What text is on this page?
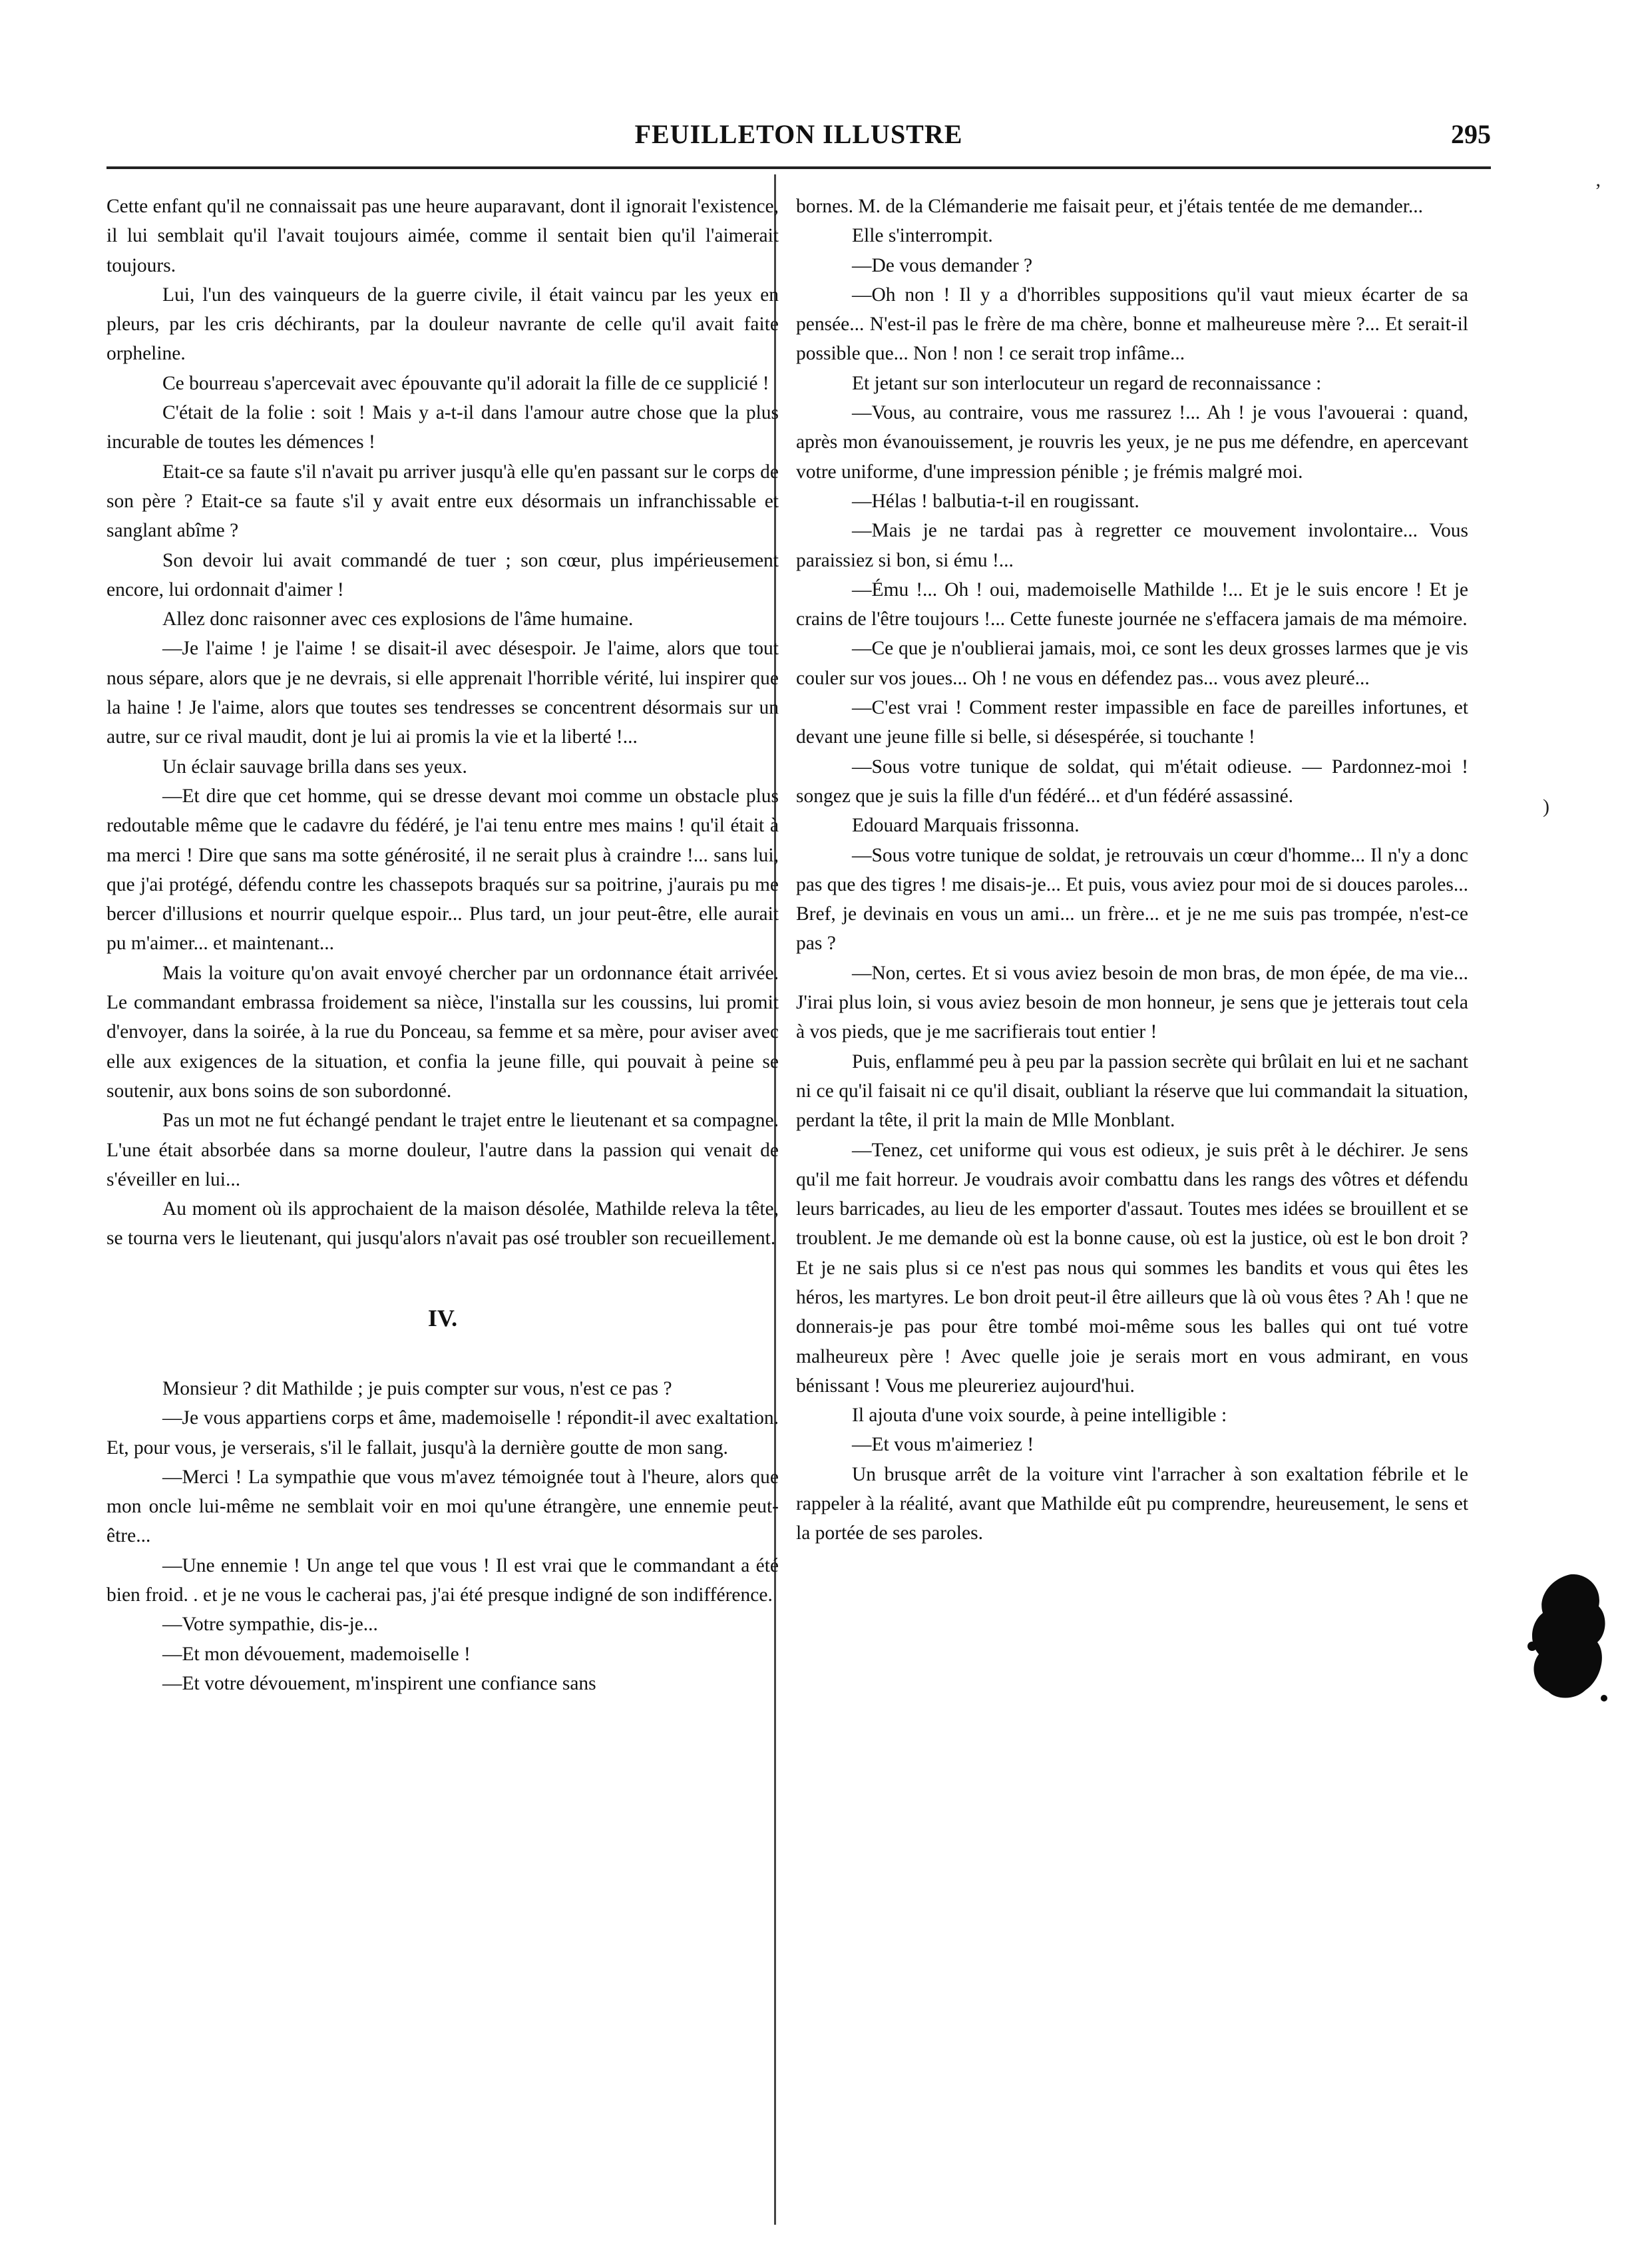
FEUILLETON ILLUSTRE	295

Cette enfant qu'il ne connaissait pas une heure auparavant, dont il ignorait l'existence, il lui semblait qu'il l'avait toujours aimée, comme il sentait bien qu'il l'aimerait toujours.

Lui, l'un des vainqueurs de la guerre civile, il était vaincu par les yeux en pleurs, par les cris déchirants, par la douleur navrante de celle qu'il avait faite orpheline.

Ce bourreau s'apercevait avec épouvante qu'il adorait la fille de ce supplicié !

C'était de la folie : soit ! Mais y a-t-il dans l'amour autre chose que la plus incurable de toutes les démences !

Etait-ce sa faute s'il n'avait pu arriver jusqu'à elle qu'en passant sur le corps de son père ? Etait-ce sa faute s'il y avait entre eux désormais un infranchissable et sanglant abîme ?

Son devoir lui avait commandé de tuer ; son cœur, plus impérieusement encore, lui ordonnait d'aimer !

Allez donc raisonner avec ces explosions de l'âme humaine.

—Je l'aime ! je l'aime ! se disait-il avec désespoir. Je l'aime, alors que tout nous sépare, alors que je ne devrais, si elle apprenait l'horrible vérité, lui inspirer que la haine ! Je l'aime, alors que toutes ses tendresses se concentrent désormais sur un autre, sur ce rival maudit, dont je lui ai promis la vie et la liberté !...

Un éclair sauvage brilla dans ses yeux.

—Et dire que cet homme, qui se dresse devant moi comme un obstacle plus redoutable même que le cadavre du fédéré, je l'ai tenu entre mes mains ! qu'il était à ma merci ! Dire que sans ma sotte générosité, il ne serait plus à craindre !... sans lui, que j'ai protégé, défendu contre les chassepots braqués sur sa poitrine, j'aurais pu me bercer d'illusions et nourrir quelque espoir... Plus tard, un jour peut-être, elle aurait pu m'aimer... et maintenant...

Mais la voiture qu'on avait envoyé chercher par un ordonnance était arrivée. Le commandant embrassa froidement sa nièce, l'installa sur les coussins, lui promit d'envoyer, dans la soirée, à la rue du Ponceau, sa femme et sa mère, pour aviser avec elle aux exigences de la situation, et confia la jeune fille, qui pouvait à peine se soutenir, aux bons soins de son subordonné.

Pas un mot ne fut échangé pendant le trajet entre le lieutenant et sa compagne. L'une était absorbée dans sa morne douleur, l'autre dans la passion qui venait de s'éveiller en lui...

Au moment où ils approchaient de la maison désolée, Mathilde releva la tête, se tourna vers le lieutenant, qui jusqu'alors n'avait pas osé troubler son recueillement.

IV.

Monsieur ? dit Mathilde ; je puis compter sur vous, n'est ce pas ?

—Je vous appartiens corps et âme, mademoiselle ! répondit-il avec exaltation. Et, pour vous, je verserais, s'il le fallait, jusqu'à la dernière goutte de mon sang.

—Merci ! La sympathie que vous m'avez témoignée tout à l'heure, alors que mon oncle lui-même ne semblait voir en moi qu'une étrangère, une ennemie peut-être...

—Une ennemie ! Un ange tel que vous ! Il est vrai que le commandant a été bien froid. . et je ne vous le cacherai pas, j'ai été presque indigné de son indifférence.

—Votre sympathie, dis-je...

—Et mon dévouement, mademoiselle !

—Et votre dévouement, m'inspirent une confiance sans

bornes. M. de la Clémanderie me faisait peur, et j'étais tentée de me demander...

Elle s'interrompit.

—De vous demander ?

—Oh non ! Il y a d'horribles suppositions qu'il vaut mieux écarter de sa pensée... N'est-il pas le frère de ma chère, bonne et malheureuse mère ?... Et serait-il possible que... Non ! non ! ce serait trop infâme...

Et jetant sur son interlocuteur un regard de reconnaissance :

—Vous, au contraire, vous me rassurez !... Ah ! je vous l'avouerai : quand, après mon évanouissement, je rouvris les yeux, je ne pus me défendre, en apercevant votre uniforme, d'une impression pénible ; je frémis malgré moi.

—Hélas ! balbutia-t-il en rougissant.

—Mais je ne tardai pas à regretter ce mouvement involontaire... Vous paraissiez si bon, si ému !...

—Ému !... Oh ! oui, mademoiselle Mathilde !... Et je le suis encore ! Et je crains de l'être toujours !... Cette funeste journée ne s'effacera jamais de ma mémoire.

—Ce que je n'oublierai jamais, moi, ce sont les deux grosses larmes que je vis couler sur vos joues... Oh ! ne vous en défendez pas... vous avez pleuré...

—C'est vrai ! Comment rester impassible en face de pareilles infortunes, et devant une jeune fille si belle, si désespérée, si touchante !

—Sous votre tunique de soldat, qui m'était odieuse. — Pardonnez-moi ! songez que je suis la fille d'un fédéré... et d'un fédéré assassiné.

Edouard Marquais frissonna.

—Sous votre tunique de soldat, je retrouvais un cœur d'homme... Il n'y a donc pas que des tigres ! me disais-je... Et puis, vous aviez pour moi de si douces paroles... Bref, je devinais en vous un ami... un frère... et je ne me suis pas trompée, n'est-ce pas ?

—Non, certes. Et si vous aviez besoin de mon bras, de mon épée, de ma vie... J'irai plus loin, si vous aviez besoin de mon honneur, je sens que je jetterais tout cela à vos pieds, que je me sacrifierais tout entier !

Puis, enflammé peu à peu par la passion secrète qui brûlait en lui et ne sachant ni ce qu'il faisait ni ce qu'il disait, oubliant la réserve que lui commandait la situation, perdant la tête, il prit la main de Mlle Monblant.

—Tenez, cet uniforme qui vous est odieux, je suis prêt à le déchirer. Je sens qu'il me fait horreur. Je voudrais avoir combattu dans les rangs des vôtres et défendu leurs barricades, au lieu de les emporter d'assaut. Toutes mes idées se brouillent et se troublent. Je me demande où est la bonne cause, où est la justice, où est le bon droit ? Et je ne sais plus si ce n'est pas nous qui sommes les bandits et vous qui êtes les héros, les martyres. Le bon droit peut-il être ailleurs que là où vous êtes ? Ah ! que ne donnerais-je pas pour être tombé moi-même sous les balles qui ont tué votre malheureux père ! Avec quelle joie je serais mort en vous admirant, en vous bénissant ! Vous me pleureriez aujourd'hui.

Il ajouta d'une voix sourde, à peine intelligible :

—Et vous m'aimeriez !

Un brusque arrêt de la voiture vint l'arracher à son exaltation fébrile et le rappeler à la réalité, avant que Mathilde eût pu comprendre, heureusement, le sens et la portée de ses paroles.

’
)
